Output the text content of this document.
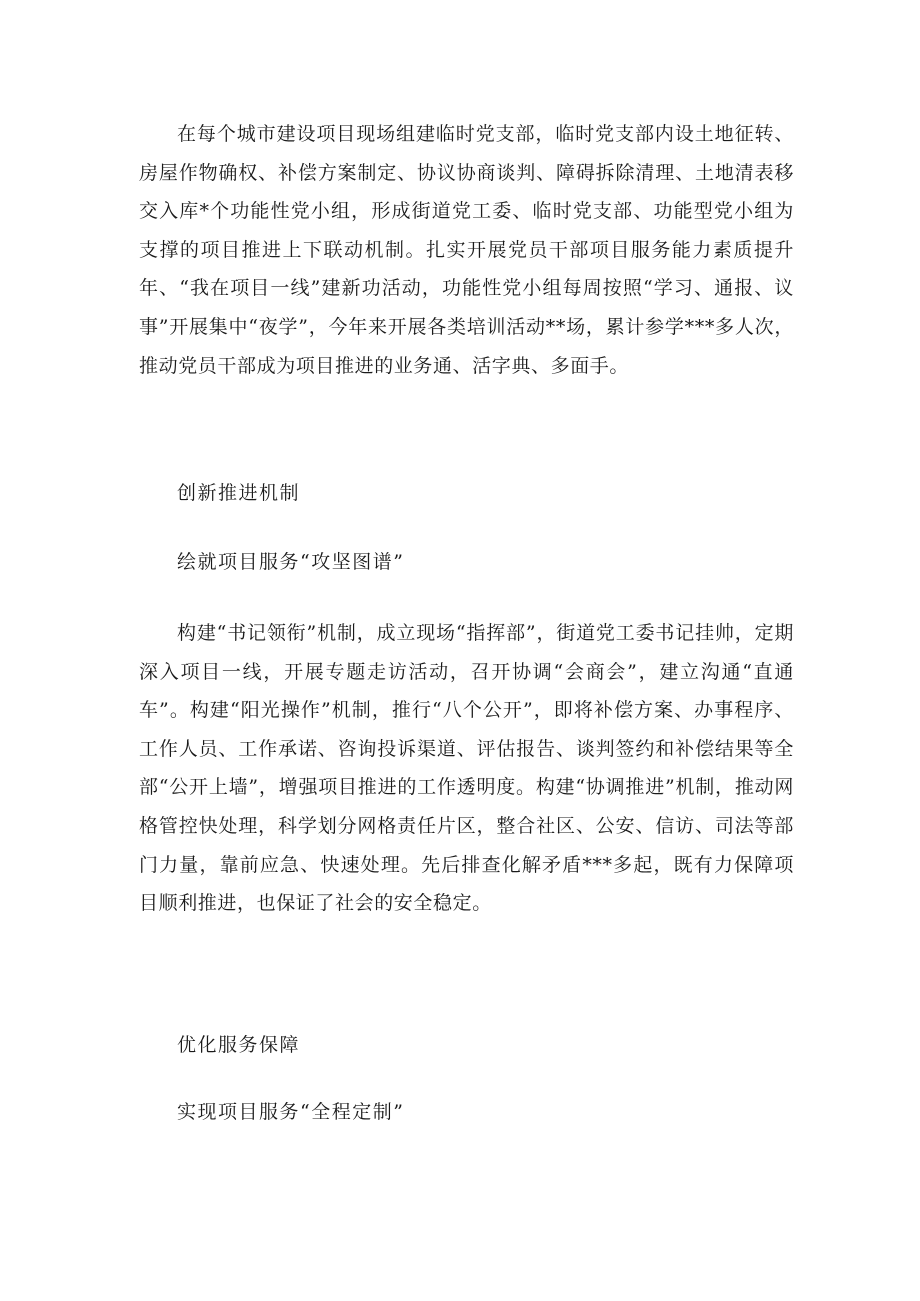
在每个城市建设项目现场组建临时党支部，临时党支部内设土地征转、房屋作物确权、补偿方案制定、协议协商谈判、障碍拆除清理、土地清表移交入库*个功能性党小组，形成街道党工委、临时党支部、功能型党小组为支撑的项目推进上下联动机制。扎实开展党员干部项目服务能力素质提升年、“我在项目一线”建新功活动，功能性党小组每周按照“学习、通报、议事”开展集中“夜学”，今年来开展各类培训活动**场，累计参学***多人次，推动党员干部成为项目推进的业务通、活字典、多面手。

创新推进机制

绘就项目服务“攻坚图谱”

构建“书记领衔”机制，成立现场“指挥部”，街道党工委书记挂帅，定期深入项目一线，开展专题走访活动，召开协调“会商会”，建立沟通“直通车”。构建“阳光操作”机制，推行“八个公开”，即将补偿方案、办事程序、工作人员、工作承诺、咨询投诉渠道、评估报告、谈判签约和补偿结果等全部“公开上墙”，增强项目推进的工作透明度。构建“协调推进”机制，推动网格管控快处理，科学划分网格责任片区，整合社区、公安、信访、司法等部门力量，靠前应急、快速处理。先后排查化解矛盾***多起，既有力保障项目顺利推进，也保证了社会的安全稳定。

优化服务保障

实现项目服务“全程定制”
